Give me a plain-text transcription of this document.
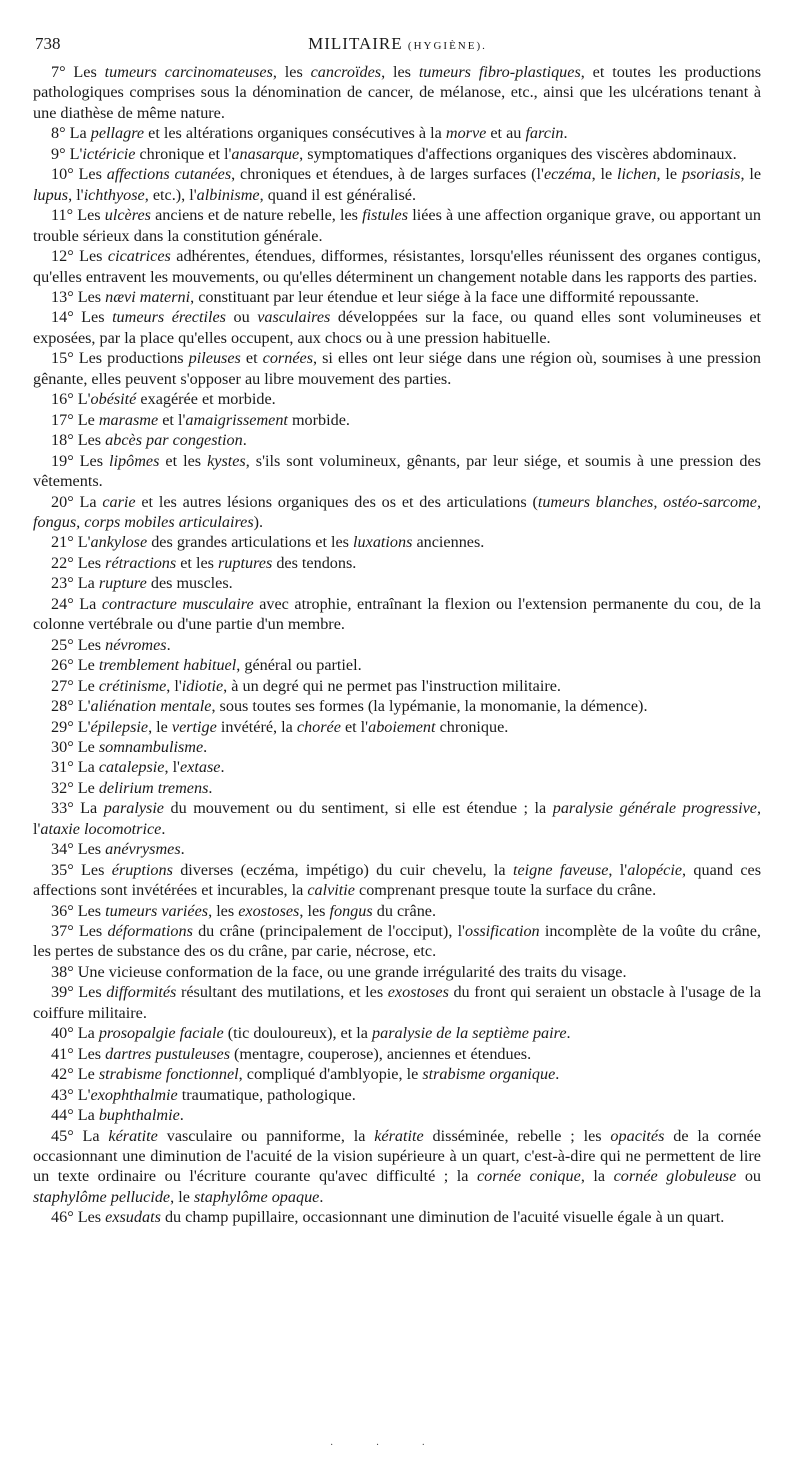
738	MILITAIRE (HYGIÈNE).

7° Les tumeurs carcinomateuses, les cancroïdes, les tumeurs fibro-plastiques, et toutes les productions pathologiques comprises sous la dénomination de cancer, de mélanose, etc., ainsi que les ulcérations tenant à une diathèse de même nature.

8° La pellagre et les altérations organiques consécutives à la morve et au farcin.

9° L'ictéricie chronique et l'anasarque, symptomatiques d'affections organiques des viscères abdominaux.

10° Les affections cutanées, chroniques et étendues, à de larges surfaces (l'eczéma, le lichen, le psoriasis, le lupus, l'ichthyose, etc.), l'albinisme, quand il est généralisé.

11° Les ulcères anciens et de nature rebelle, les fistules liées à une affection organique grave, ou apportant un trouble sérieux dans la constitution générale.

12° Les cicatrices adhérentes, étendues, difformes, résistantes, lorsqu'elles réunissent des organes contigus, qu'elles entravent les mouvements, ou qu'elles déterminent un changement notable dans les rapports des parties.

13° Les nævi materni, constituant par leur étendue et leur siége à la face une difformité repoussante.

14° Les tumeurs érectiles ou vasculaires développées sur la face, ou quand elles sont volumineuses et exposées, par la place qu'elles occupent, aux chocs ou à une pression habituelle.

15° Les productions pileuses et cornées, si elles ont leur siége dans une région où, soumises à une pression gênante, elles peuvent s'opposer au libre mouvement des parties.

16° L'obésité exagérée et morbide.

17° Le marasme et l'amaigrissement morbide.

18° Les abcès par congestion.

19° Les lipômes et les kystes, s'ils sont volumineux, gênants, par leur siége, et soumis à une pression des vêtements.

20° La carie et les autres lésions organiques des os et des articulations (tumeurs blanches, ostéo-sarcome, fongus, corps mobiles articulaires).

21° L'ankylose des grandes articulations et les luxations anciennes.

22° Les rétractions et les ruptures des tendons.

23° La rupture des muscles.

24° La contracture musculaire avec atrophie, entraînant la flexion ou l'extension permanente du cou, de la colonne vertébrale ou d'une partie d'un membre.

25° Les névromes.

26° Le tremblement habituel, général ou partiel.

27° Le crétinisme, l'idiotie, à un degré qui ne permet pas l'instruction militaire.

28° L'aliénation mentale, sous toutes ses formes (la lypémanie, la monomanie, la démence).

29° L'épilepsie, le vertige invétéré, la chorée et l'aboiement chronique.

30° Le somnambulisme.

31° La catalepsie, l'extase.

32° Le delirium tremens.

33° La paralysie du mouvement ou du sentiment, si elle est étendue ; la paralysie générale progressive, l'ataxie locomotrice.

34° Les anévrysmes.

35° Les éruptions diverses (eczéma, impétigo) du cuir chevelu, la teigne faveuse, l'alopécie, quand ces affections sont invétérées et incurables, la calvitie comprenant presque toute la surface du crâne.

36° Les tumeurs variées, les exostoses, les fongus du crâne.

37° Les déformations du crâne (principalement de l'occiput), l'ossification incomplète de la voûte du crâne, les pertes de substance des os du crâne, par carie, nécrose, etc.

38° Une vicieuse conformation de la face, ou une grande irrégularité des traits du visage.

39° Les difformités résultant des mutilations, et les exostoses du front qui seraient un obstacle à l'usage de la coiffure militaire.

40° La prosopalgie faciale (tic douloureux), et la paralysie de la septième paire.

41° Les dartres pustuleuses (mentagre, couperose), anciennes et étendues.

42° Le strabisme fonctionnel, compliqué d'amblyopie, le strabisme organique.

43° L'exophthalmie traumatique, pathologique.

44° La buphthalmie.

45° La kératite vasculaire ou panniforme, la kératite disséminée, rebelle ; les opacités de la cornée occasionnant une diminution de l'acuité de la vision supérieure à un quart, c'est-à-dire qui ne permettent de lire un texte ordinaire ou l'écriture courante qu'avec difficulté ; la cornée conique, la cornée globuleuse ou staphylôme pellucide, le staphylôme opaque.

46° Les exsudats du champ pupillaire, occasionnant une diminution de l'acuité visuelle égale à un quart.

· · ·
